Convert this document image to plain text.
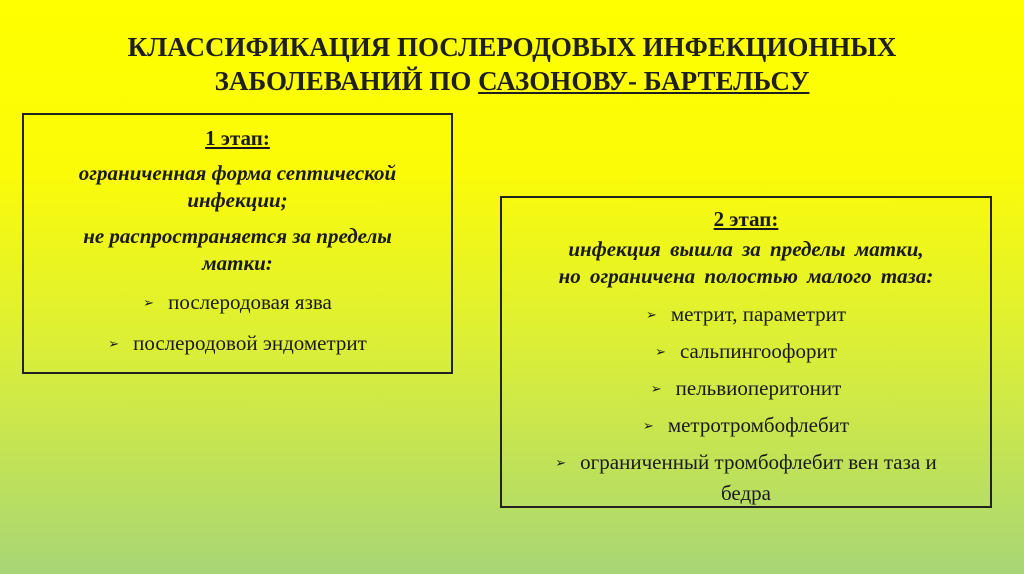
КЛАССИФИКАЦИЯ ПОСЛЕРОДОВЫХ ИНФЕКЦИОННЫХ
ЗАБОЛЕВАНИЙ ПО САЗОНОВУ- БАРТЕЛЬСУ
1 этап:
ограниченная форма септической
инфекции;
не распространяется за пределы
матки:
➢ послеродовая язва
➢ послеродовой эндометрит
2 этап:
инфекция вышла за пределы матки,
но ограничена полостью малого таза:
➢ метрит, параметрит
➢ сальпингоофорит
➢ пельвиоперитонит
➢ метротромбофлебит
➢ ограниченный тромбофлебит вен таза и
бедра
